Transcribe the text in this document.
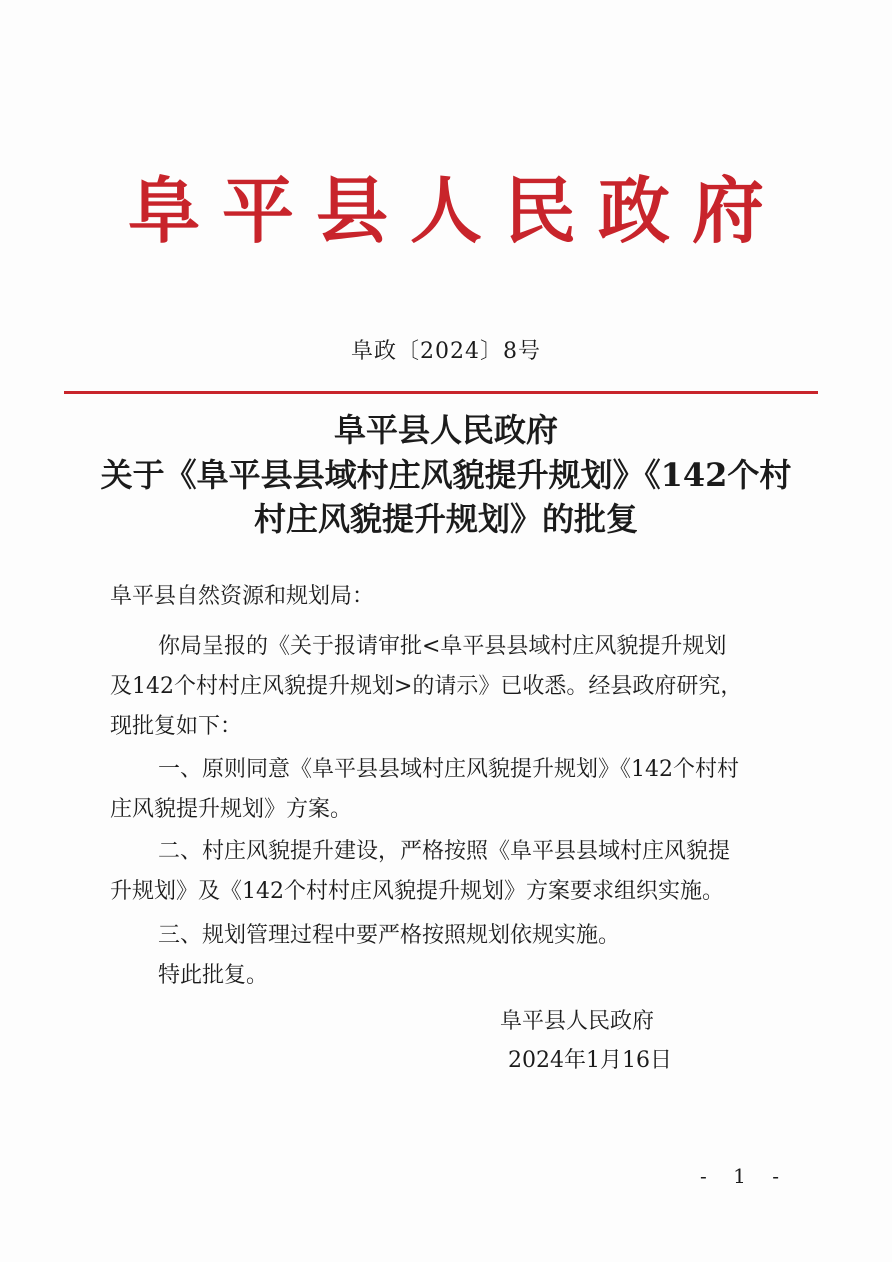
阜平县人民政府
阜政〔2024〕8号
阜平县人民政府
关于《阜平县县域村庄风貌提升规划》《142个村
村庄风貌提升规划》的批复
阜平县自然资源和规划局：
你局呈报的《关于报请审批<阜平县县域村庄风貌提升规划
及142个村村庄风貌提升规划>的请示》已收悉。经县政府研究，
现批复如下：
一、原则同意《阜平县县域村庄风貌提升规划》《142个村村
庄风貌提升规划》方案。
二、村庄风貌提升建设，严格按照《阜平县县域村庄风貌提
升规划》及《142个村村庄风貌提升规划》方案要求组织实施。
三、规划管理过程中要严格按照规划依规实施。
特此批复。
阜平县人民政府
2024年1月16日
- 1 -
